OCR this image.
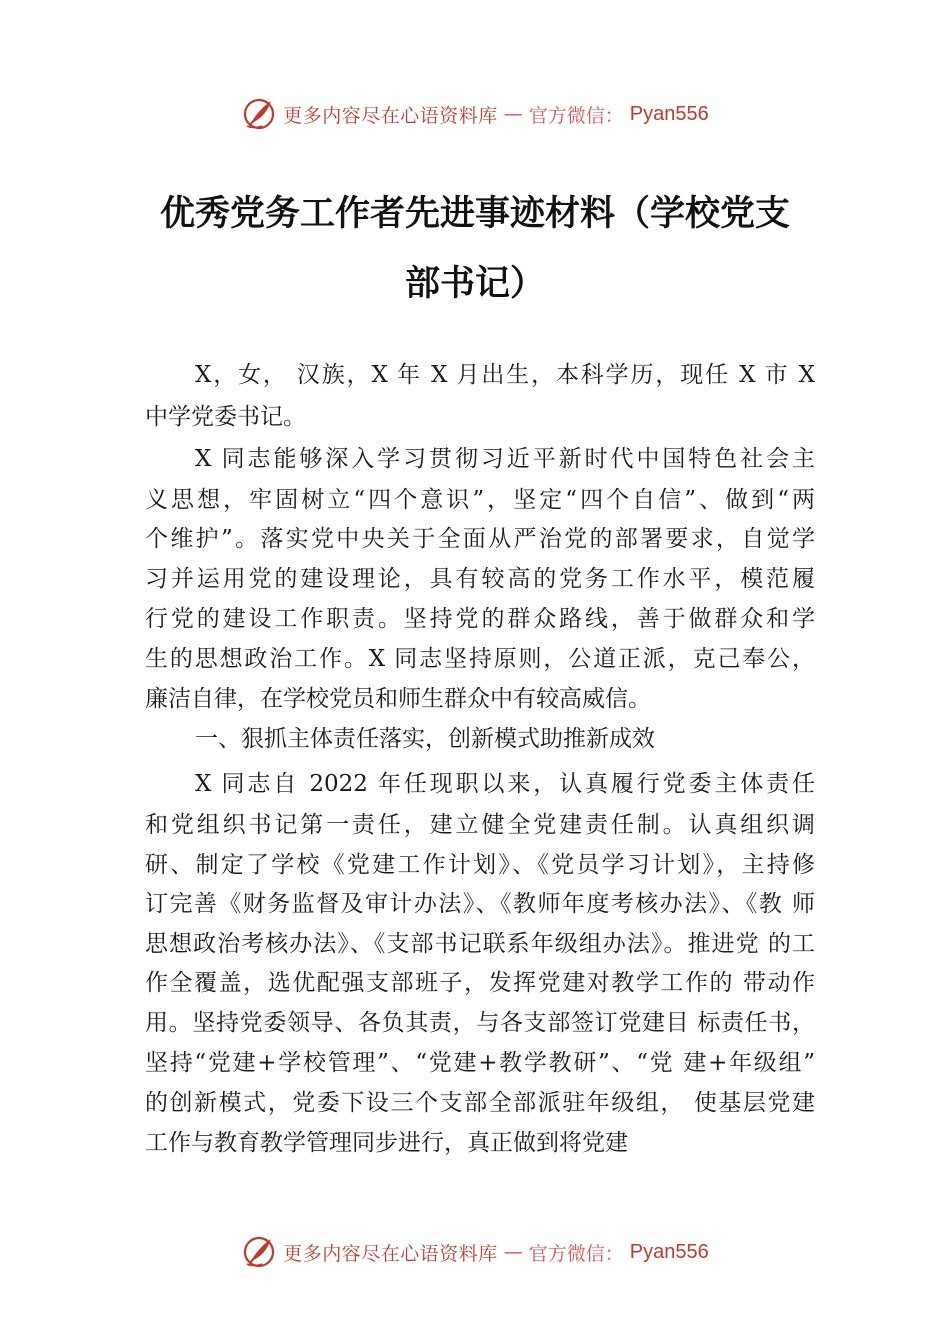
更多内容尽在心语资料库 — 官方微信： Pyan556
优秀党务工作者先进事迹材料（学校党支
部书记）
X，女， 汉族，X 年 X 月出生，本科学历，现任 X 市 X
中学党委书记。
X 同志能够深入学习贯彻习近平新时代中国特色社会主
义思想，牢固树立“四个意识”，坚定“四个自信”、做到“两
个维护”。落实党中央关于全面从严治党的部署要求，自觉学
习并运用党的建设理论，具有较高的党务工作水平，模范履
行党的建设工作职责。坚持党的群众路线，善于做群众和学
生的思想政治工作。X 同志坚持原则，公道正派，克己奉公，
廉洁自律，在学校党员和师生群众中有较高威信。
一、狠抓主体责任落实，创新模式助推新成效
X 同志自 2022 年任现职以来，认真履行党委主体责任
和党组织书记第一责任，建立健全党建责任制。认真组织调
研、制定了学校《党建工作计划》、《党员学习计划》，主持修
订完善《财务监督及审计办法》、《教师年度考核办法》、《教 师
思想政治考核办法》、《支部书记联系年级组办法》。推进党 的工
作全覆盖，选优配强支部班子，发挥党建对教学工作的 带动作
用。坚持党委领导、各负其责，与各支部签订党建目 标责任书，
坚持“党建+学校管理”、“党建+教学教研”、“党 建+年级组”
的创新模式，党委下设三个支部全部派驻年级组， 使基层党建
工作与教育教学管理同步进行，真正做到将党建
更多内容尽在心语资料库 — 官方微信： Pyan556
